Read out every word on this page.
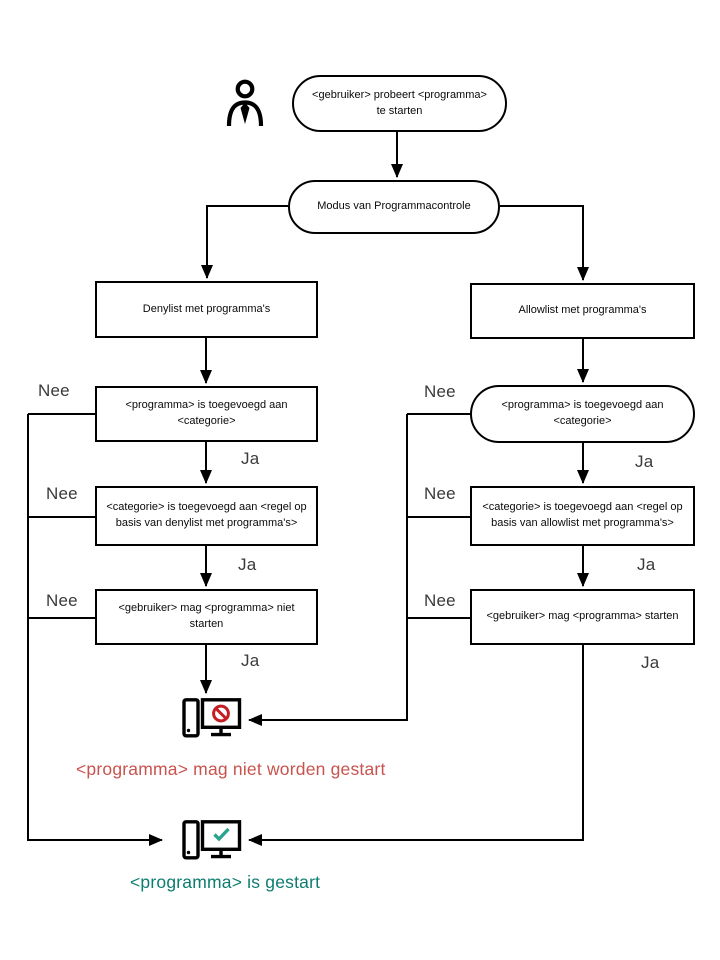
<gebruiker> probeert <programma> te starten
Modus van Programmacontrole
Denylist met programma's	Allowlist met programma's
<programma> is toegevoegd aan <categorie>
<programma> is toegevoegd aan <categorie>
<categorie> is toegevoegd aan <regel op basis van denylist met programma's>
<categorie> is toegevoegd aan <regel op basis van allowlist met programma's>
<gebruiker> mag <programma> niet starten
<gebruiker> mag <programma> starten
Nee
Nee
Nee
Ja
Ja
Ja
Nee
Nee
Nee
Ja
Ja
Ja
<programma> mag niet worden gestart
<programma> is gestart
